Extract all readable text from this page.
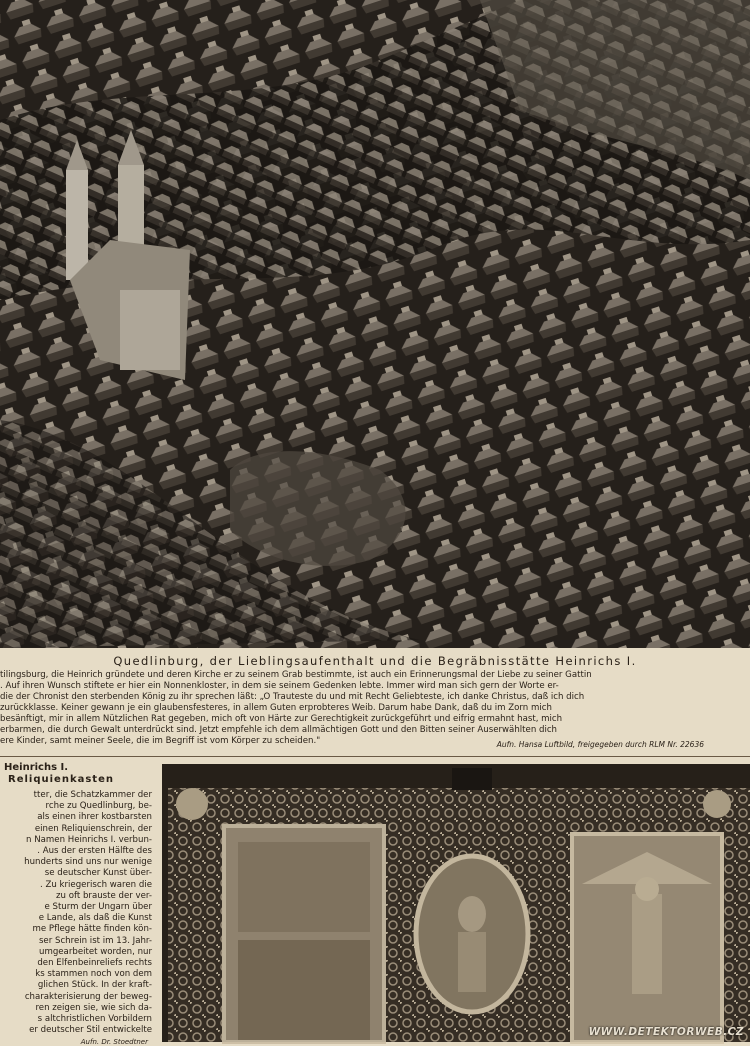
Quedlinburg, der Lieblingsaufenthalt und die Begräbnisstätte Heinrichs I.

tilingsburg, die Heinrich gründete und deren Kirche er zu seinem Grab bestimmte, ist auch ein Erinnerungsmal der Liebe zu seiner Gattin

. Auf ihren Wunsch stiftete er hier ein Nonnenkloster, in dem sie seinem Gedenken lebte. Immer wird man sich gern der Worte er-

die der Chronist den sterbenden König zu ihr sprechen läßt: „O Trauteste du und mit Recht Geliebteste, ich danke Christus, daß ich dich

zurückklasse. Keiner gewann je ein glaubensfesteres, in allem Guten erprobteres Weib. Darum habe Dank, daß du im Zorn mich

besänftigt, mir in allem Nützlichen Rat gegeben, mich oft von Härte zur Gerechtigkeit zurückgeführt und eifrig ermahnt hast, mich

erbarmen, die durch Gewalt unterdrückt sind. Jetzt empfehle ich dem allmächtigen Gott und den Bitten seiner Auserwählten dich

ere Kinder, samt meiner Seele, die im Begriff ist vom Körper zu scheiden."	Aufn. Hansa Luftbild, freigegeben durch RLM Nr. 22636
Heinrichs I.
Reliquienkasten

tter, die Schatzkammer der

rche zu Quedlinburg, be-

als einen ihrer kostbarsten

einen Reliquienschrein, der

n Namen Heinrichs I. verbun-

. Aus der ersten Hälfte des

hunderts sind uns nur wenige

se deutscher Kunst über-

. Zu kriegerisch waren die

zu oft brauste der ver-

e Sturm der Ungarn über

e Lande, als daß die Kunst

me Pflege hätte finden kön-

ser Schrein ist im 13. Jahr-

umgearbeitet worden, nur

den Elfenbeinreliefs rechts

ks stammen noch von dem

glichen Stück. In der kraft-

charakterisierung der beweg-

ren zeigen sie, wie sich da-

s altchristlichen Vorbildern

er deutscher Stil entwickelte

Aufn. Dr. Stoedtner
WWW.DETEKTORWEB.CZ
